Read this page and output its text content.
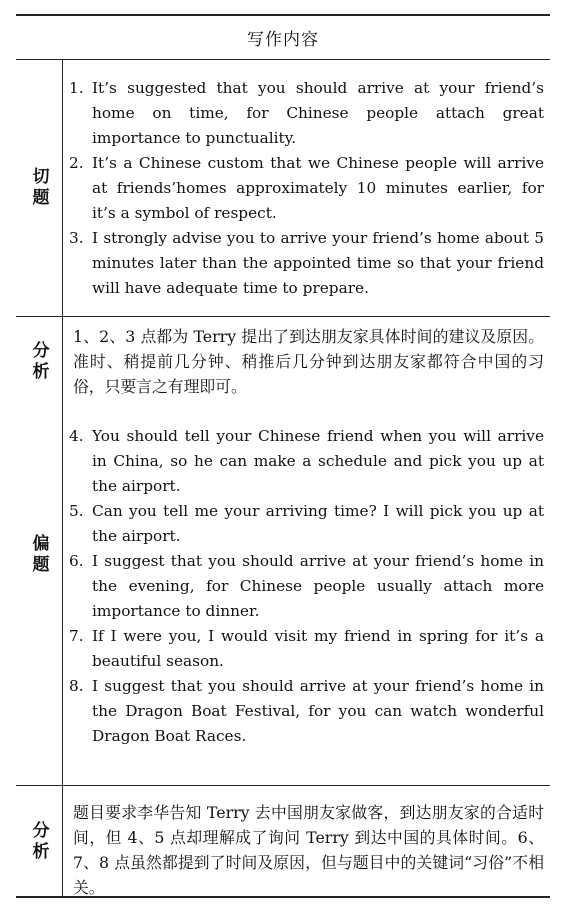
写作内容
切题
1. It’s suggested that you should arrive at your friend’s home on time, for Chinese people attach great importance to punctuality.
2. It’s a Chinese custom that we Chinese people will arrive at friends’homes approximately 10 minutes earlier, for it’s a symbol of respect.
3. I strongly advise you to arrive your friend’s home about 5 minutes later than the appointed time so that your friend will have adequate time to prepare.
分析
偏题
1、2、3 点都为 Terry 提出了到达朋友家具体时间的建议及原因。准时、稍提前几分钟、稍推后几分钟到达朋友家都符合中国的习俗，只要言之有理即可。
4. You should tell your Chinese friend when you will arrive in China, so he can make a schedule and pick you up at the airport.
5. Can you tell me your arriving time? I will pick you up at the airport.
6. I suggest that you should arrive at your friend’s home in the evening, for Chinese people usually attach more importance to dinner.
7. If I were you, I would visit my friend in spring for it’s a beautiful season.
8. I suggest that you should arrive at your friend’s home in the Dragon Boat Festival, for you can watch wonderful Dragon Boat Races.
分析
题目要求李华告知 Terry 去中国朋友家做客，到达朋友家的合适时间，但 4、5 点却理解成了询问 Terry 到达中国的具体时间。6、7、8 点虽然都提到了时间及原因，但与题目中的关键词“习俗”不相关。
